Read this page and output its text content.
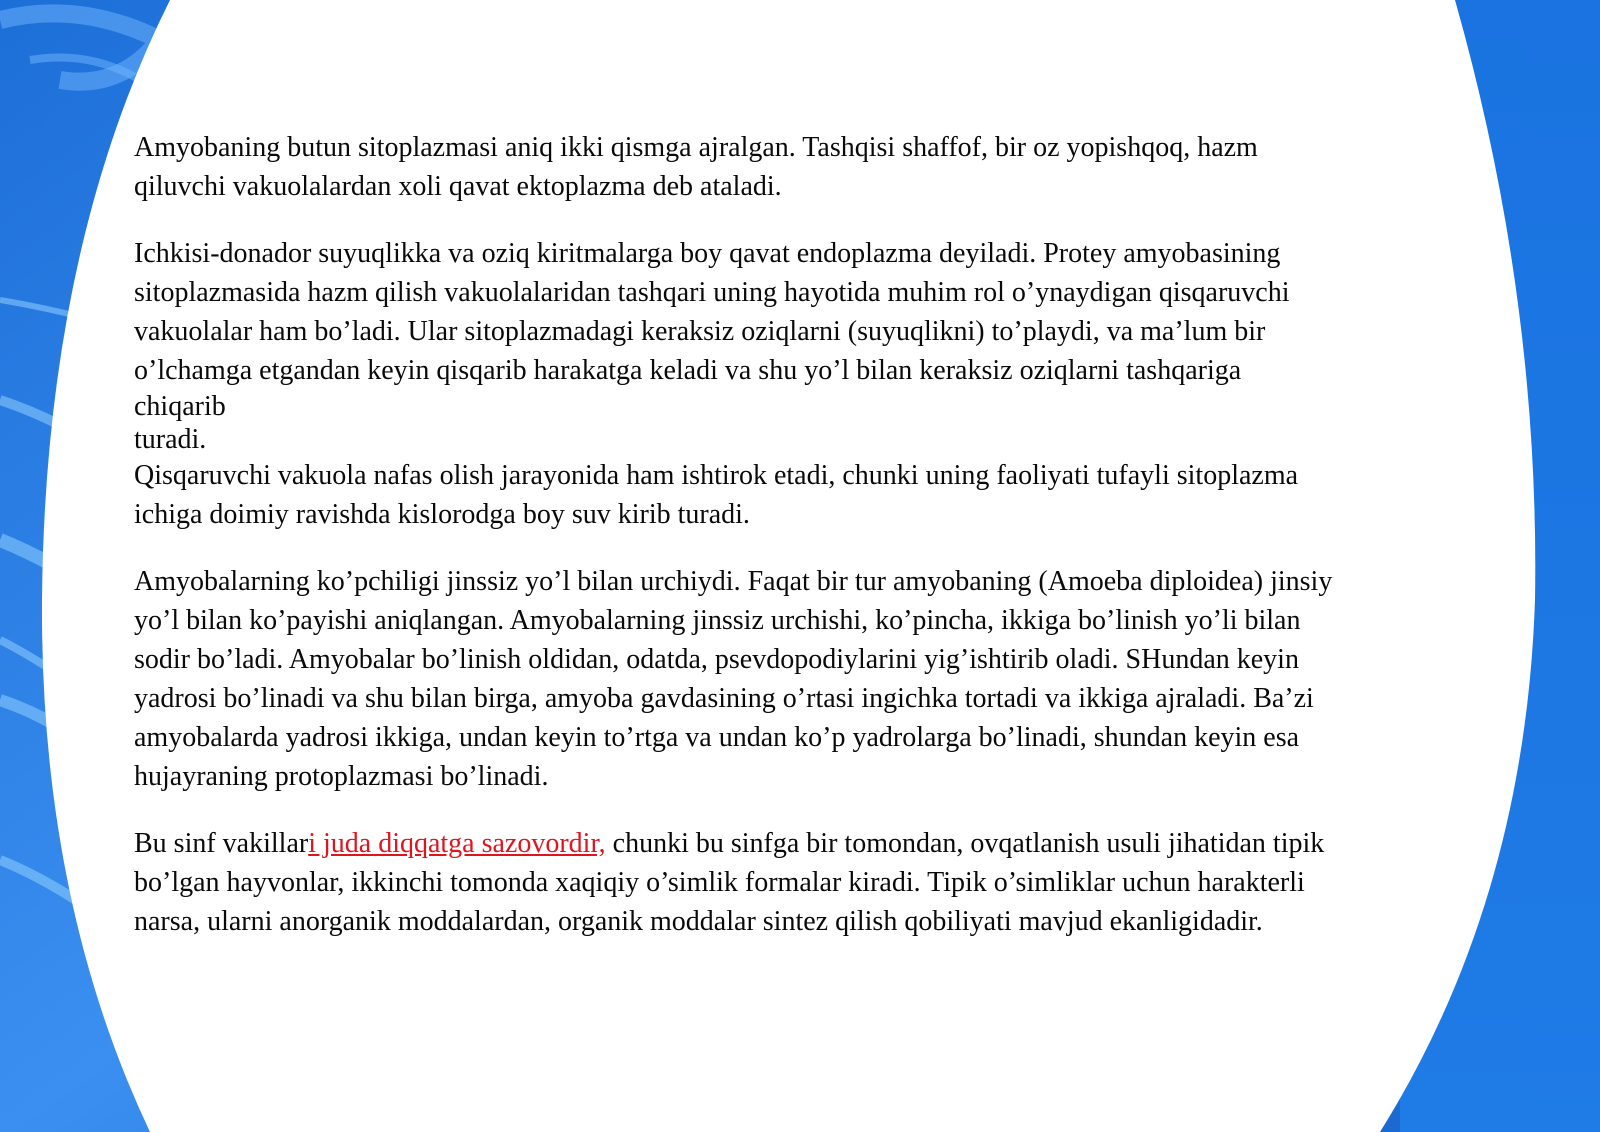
Amyobaning butun sitoplazmasi aniq ikki qismga ajralgan. Tashqisi shaffof, bir oz yopishqoq, hazm
qiluvchi vakuolalardan xoli qavat ektoplazma deb ataladi.

Ichkisi-donador suyuqlikka va oziq kiritmalarga boy qavat endoplazma deyiladi. Protey amyobasining
sitoplazmasida hazm qilish vakuolalaridan tashqari uning hayotida muhim rol o’ynaydigan qisqaruvchi
vakuolalar ham bo’ladi. Ular sitoplazmadagi keraksiz oziqlarni (suyuqlikni) to’playdi, va ma’lum bir
o’lchamga etgandan keyin qisqarib harakatga keladi va shu yo’l bilan keraksiz oziqlarni tashqariga
chiqarib
turadi.

Qisqaruvchi vakuola nafas olish jarayonida ham ishtirok etadi, chunki uning faoliyati tufayli sitoplazma
ichiga doimiy ravishda kislorodga boy suv kirib turadi.

Amyobalarning ko’pchiligi jinssiz yo’l bilan urchiydi. Faqat bir tur amyobaning (Amoeba diploidea) jinsiy
yo’l bilan ko’payishi aniqlangan. Amyobalarning jinssiz urchishi, ko’pincha, ikkiga bo’linish yo’li bilan
sodir bo’ladi. Amyobalar bo’linish oldidan, odatda, psevdopodiylarini yig’ishtirib oladi. SHundan keyin
yadrosi bo’linadi va shu bilan birga, amyoba gavdasining o’rtasi ingichka tortadi va ikkiga ajraladi. Ba’zi
amyobalarda yadrosi ikkiga, undan keyin to’rtga va undan ko’p yadrolarga bo’linadi, shundan keyin esa
hujayraning protoplazmasi bo’linadi.

Bu sinf vakillari juda diqqatga sazovordir, chunki bu sinfga bir tomondan, ovqatlanish usuli jihatidan tipik
bo’lgan hayvonlar, ikkinchi tomonda xaqiqiy o’simlik formalar kiradi. Tipik o’simliklar uchun harakterli
narsa, ularni anorganik moddalardan, organik moddalar sintez qilish qobiliyati mavjud ekanligidadir.
